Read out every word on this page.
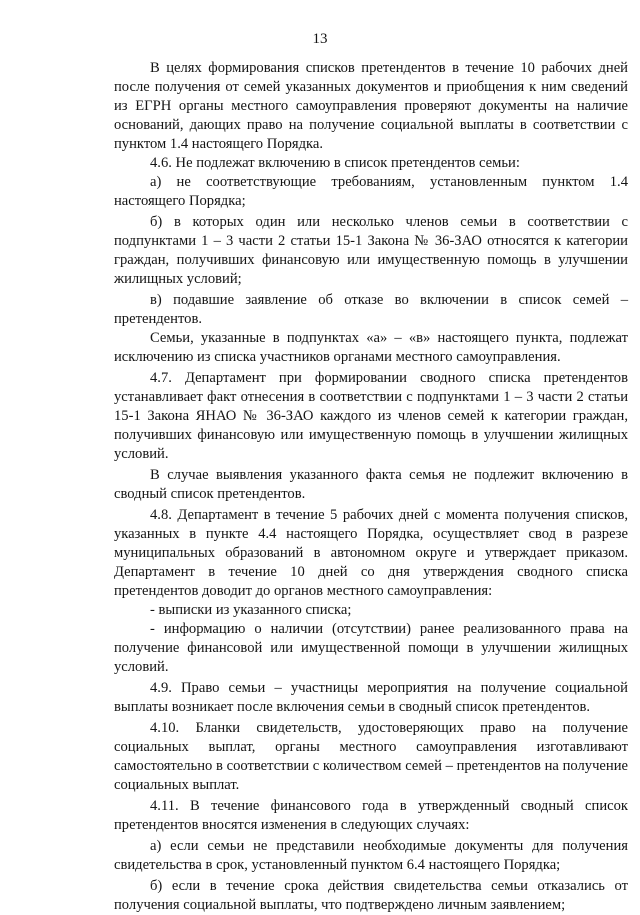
13

В целях формирования списков претендентов в течение 10 рабочих дней после получения от семей указанных документов и приобщения к ним сведений из ЕГРН органы местного самоуправления проверяют документы на наличие оснований, дающих право на получение социальной выплаты в соответствии с пунктом 1.4 настоящего Порядка.

4.6. Не подлежат включению в список претендентов семьи:

а) не соответствующие требованиям, установленным пунктом 1.4 настоящего Порядка;

б) в которых один или несколько членов семьи в соответствии с подпунктами 1 – 3 части 2 статьи 15-1 Закона № 36-ЗАО относятся к категории граждан, получивших финансовую или имущественную помощь в улучшении жилищных условий;

в) подавшие заявление об отказе во включении в список семей – претендентов.

Семьи, указанные в подпунктах «а» – «в» настоящего пункта, подлежат исключению из списка участников органами местного самоуправления.

4.7. Департамент при формировании сводного списка претендентов устанавливает факт отнесения в соответствии с подпунктами 1 – 3 части 2 статьи 15-1 Закона ЯНАО № 36-ЗАО каждого из членов семей к категории граждан, получивших финансовую или имущественную помощь в улучшении жилищных условий.

В случае выявления указанного факта семья не подлежит включению в сводный список претендентов.

4.8. Департамент в течение 5 рабочих дней с момента получения списков, указанных в пункте 4.4 настоящего Порядка, осуществляет свод в разрезе муниципальных образований в автономном округе и утверждает приказом. Департамент в течение 10 дней со дня утверждения сводного списка претендентов доводит до органов местного самоуправления:

- выписки из указанного списка;

- информацию о наличии (отсутствии) ранее реализованного права на получение финансовой или имущественной помощи в улучшении жилищных условий.

4.9. Право семьи – участницы мероприятия на получение социальной выплаты возникает после включения семьи в сводный список претендентов.

4.10. Бланки свидетельств, удостоверяющих право на получение социальных выплат, органы местного самоуправления изготавливают самостоятельно в соответствии с количеством семей – претендентов на получение социальных выплат.

4.11. В течение финансового года в утвержденный сводный список претендентов вносятся изменения в следующих случаях:

а) если семьи не представили необходимые документы для получения свидетельства в срок, установленный пунктом 6.4 настоящего Порядка;

б) если в течение срока действия свидетельства семьи отказались от получения социальной выплаты, что подтверждено личным заявлением;
